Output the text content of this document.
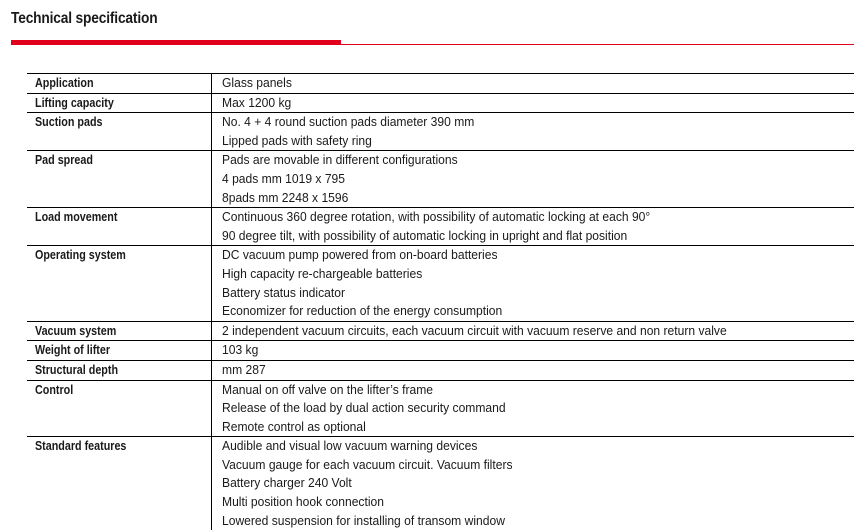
Technical specification
Application	Glass panels
Lifting capacity	Max 1200 kg
Suction pads	No. 4 + 4 round suction pads diameter 390 mm
Lipped pads with safety ring
Pad spread	Pads are movable in different configurations
4 pads mm 1019 x 795
8pads mm 2248 x 1596
Load movement	Continuous 360 degree rotation, with possibility of automatic locking at each 90°
90 degree tilt, with possibility of automatic locking in upright and flat position
Operating system	DC vacuum pump powered from on-board batteries
High capacity re-chargeable batteries
Battery status indicator
Economizer for reduction of the energy consumption
Vacuum system	2 independent vacuum circuits, each vacuum circuit with vacuum reserve and non return valve
Weight of lifter	103 kg
Structural depth	mm 287
Control	Manual on off valve on the lifter’s frame
Release of the load by dual action security command
Remote control as optional
Standard features	Audible and visual low vacuum warning devices
Vacuum gauge for each vacuum circuit. Vacuum filters
Battery charger 240 Volt
Multi position hook connection
Lowered suspension for installing of transom window
